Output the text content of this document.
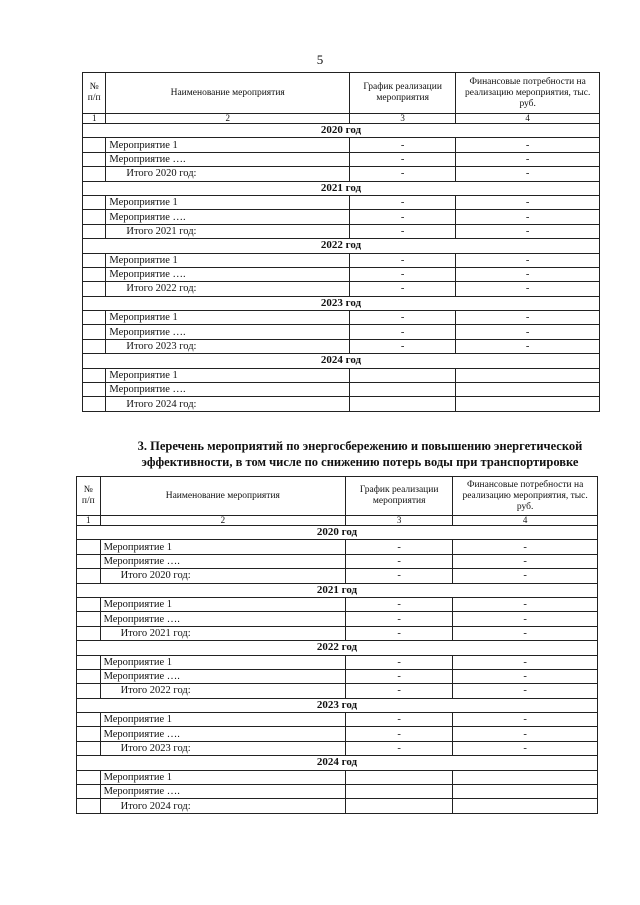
5
№ п/п	Наименование мероприятия	График реализации мероприятия	Финансовые потребности на реализацию мероприятия, тыс. руб.
1	2	3	4
2020 год			
	Мероприятие 1	-	-
	Мероприятие ….	-	-
	Итого 2020 год:	-	-
2021 год			
	Мероприятие 1	-	-
	Мероприятие ….	-	-
	Итого 2021 год:	-	-
2022 год			
	Мероприятие 1	-	-
	Мероприятие ….	-	-
	Итого 2022 год:	-	-
2023 год			
	Мероприятие 1	-	-
	Мероприятие ….	-	-
	Итого 2023 год:	-	-
2024 год			
	Мероприятие 1		
	Мероприятие ….		
	Итого 2024 год:		
3. Перечень мероприятий по энергосбережению и повышению энергетической эффективности, в том числе по снижению потерь воды при транспортировке
№ п/п	Наименование мероприятия	График реализации мероприятия	Финансовые потребности на реализацию мероприятия, тыс. руб.
1	2	3	4
2020 год			
	Мероприятие 1	-	-
	Мероприятие ….	-	-
	Итого 2020 год:	-	-
2021 год			
	Мероприятие 1	-	-
	Мероприятие ….	-	-
	Итого 2021 год:	-	-
2022 год			
	Мероприятие 1	-	-
	Мероприятие ….	-	-
	Итого 2022 год:	-	-
2023 год			
	Мероприятие 1	-	-
	Мероприятие ….	-	-
	Итого 2023 год:	-	-
2024 год			
	Мероприятие 1		
	Мероприятие ….		
	Итого 2024 год:		
